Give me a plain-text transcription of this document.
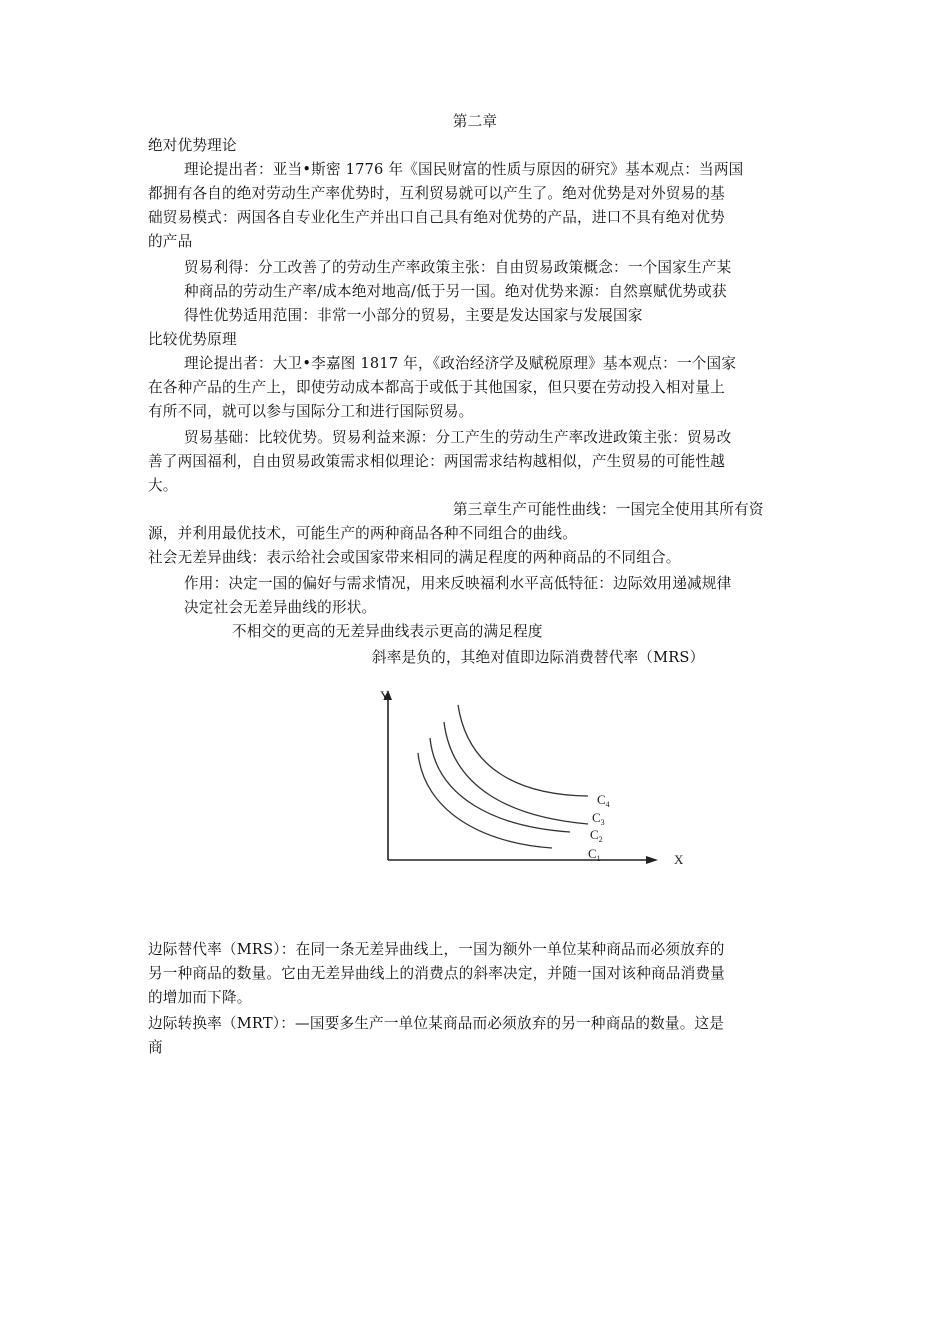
第二章
绝对优势理论
理论提出者：亚当•斯密 1776 年《国民财富的性质与原因的研究》基本观点：当两国
都拥有各自的绝对劳动生产率优势时，互利贸易就可以产生了。绝对优势是对外贸易的基
础贸易模式：两国各自专业化生产并出口自己具有绝对优势的产品，进口不具有绝对优势
的产品
贸易利得：分工改善了的劳动生产率政策主张：自由贸易政策概念：一个国家生产某
种商品的劳动生产率/成本绝对地高/低于另一国。绝对优势来源：自然禀赋优势或获
得性优势适用范围：非常一小部分的贸易，主要是发达国家与发展国家
比较优势原理
理论提出者：大卫•李嘉图 1817 年，《政治经济学及赋税原理》基本观点：一个国家
在各种产品的生产上，即使劳动成本都高于或低于其他国家，但只要在劳动投入相对量上
有所不同，就可以参与国际分工和进行国际贸易。
贸易基础：比较优势。贸易利益来源：分工产生的劳动生产率改进政策主张：贸易改
善了两国福利，自由贸易政策需求相似理论：两国需求结构越相似，产生贸易的可能性越
大。
第三章生产可能性曲线：一国完全使用其所有资
源，并利用最优技术，可能生产的两种商品各种不同组合的曲线。
社会无差异曲线：表示给社会或国家带来相同的满足程度的两种商品的不同组合。
作用：决定一国的偏好与需求情况，用来反映福利水平高低特征：边际效用递减规律
决定社会无差异曲线的形状。
不相交的更高的无差异曲线表示更高的满足程度
斜率是负的，其绝对值即边际消费替代率（MRS）
Y
X
$C_4$
$C_3$
$C_2$
$C_1$
边际替代率（MRS）：在同一条无差异曲线上，一国为额外一单位某种商品而必须放弃的
另一种商品的数量。它由无差异曲线上的消费点的斜率决定，并随一国对该种商品消费量
的增加而下降。
边际转换率（MRT）：—国要多生产一单位某商品而必须放弃的另一种商品的数量。这是
商
